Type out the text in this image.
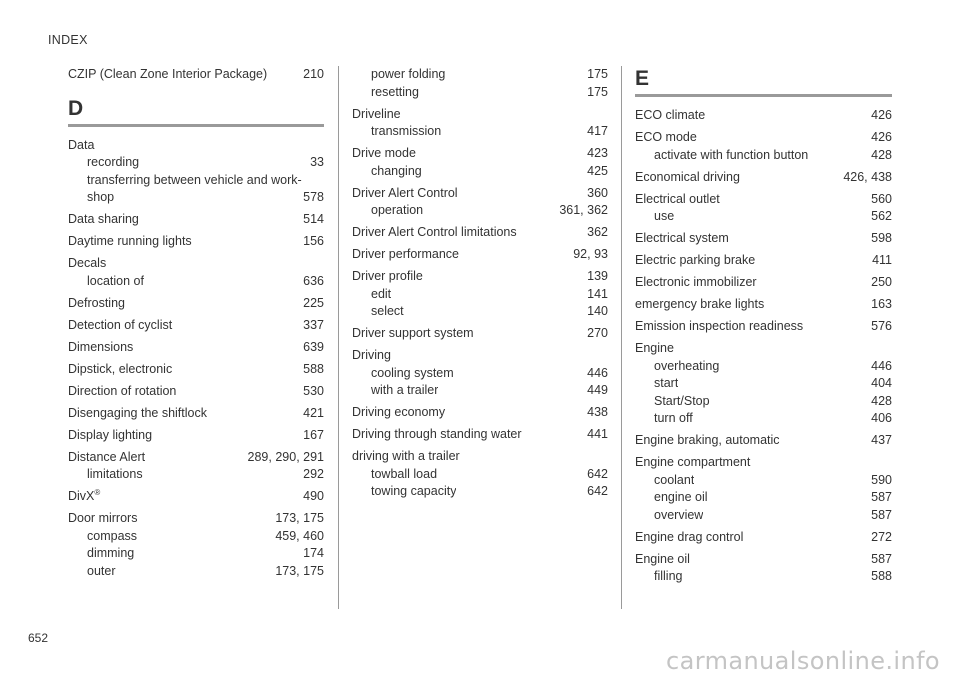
INDEX
CZIP (Clean Zone Interior Package)	210
D
Data
recording	33
transferring between vehicle and work-
shop	578
Data sharing	514
Daytime running lights	156
Decals
location of	636
Defrosting	225
Detection of cyclist	337
Dimensions	639
Dipstick, electronic	588
Direction of rotation	530
Disengaging the shiftlock	421
Display lighting	167
Distance Alert	289, 290, 291
limitations	292
DivX®	490
Door mirrors	173, 175
compass	459, 460
dimming	174
outer	173, 175
power folding	175
resetting	175
Driveline
transmission	417
Drive mode	423
changing	425
Driver Alert Control	360
operation	361, 362
Driver Alert Control limitations	362
Driver performance	92, 93
Driver profile	139
edit	141
select	140
Driver support system	270
Driving
cooling system	446
with a trailer	449
Driving economy	438
Driving through standing water	441
driving with a trailer
towball load	642
towing capacity	642
E
ECO climate	426
ECO mode	426
activate with function button	428
Economical driving	426, 438
Electrical outlet	560
use	562
Electrical system	598
Electric parking brake	411
Electronic immobilizer	250
emergency brake lights	163
Emission inspection readiness	576
Engine
overheating	446
start	404
Start/Stop	428
turn off	406
Engine braking, automatic	437
Engine compartment
coolant	590
engine oil	587
overview	587
Engine drag control	272
Engine oil	587
filling	588
652
carmanualsonline.info
